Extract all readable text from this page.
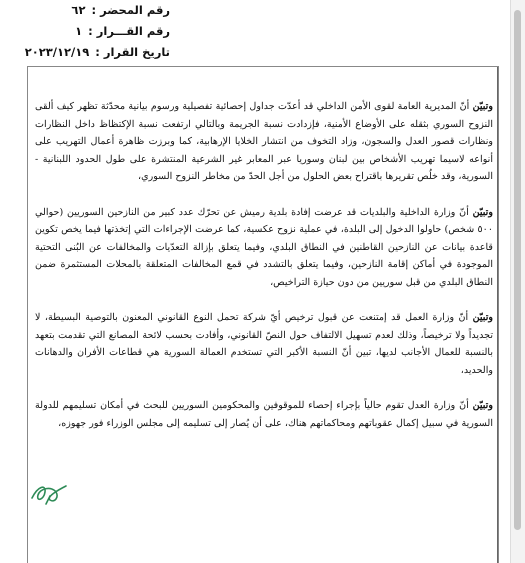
رقم المحضر :
٦٢
رقم القـــرار :
١
تاريخ القرار :
٢٠٢٣/١٢/١٩

وتبيّن أنّ المديرية العامة لقوى الأمن الداخلي قد أعدّت جداول إحصائية تفصيلية ورسوم بيانية محدّثة تظهر كيف ألقى النزوح السوري بثقله على الأوضاع الأمنية، فإزدادت نسبة الجريمة وبالتالي ارتفعت نسبة الإكتظاظ داخل النظارات ونظارات قصور العدل والسجون، وزاد التخوف من انتشار الخلايا الإرهابية، كما وبرزت ظاهرة أعمال التهريب على أنواعه لاسيما تهريب الأشخاص بين لبنان وسوريا عبر المعابر غير الشرعية المنتشرة على طول الحدود اللبنانية - السورية، وقد خلُص تقريرها باقتراح بعض الحلول من أجل الحدّ من مخاطر النزوح السوري،

وتبيّن أنّ وزارة الداخلية والبلديات قد عرضت إفادة بلدية رميش عن تحرّك عدد كبير من النازحين السوريين (حوالي ٥٠٠ شخص) حاولوا الدخول إلى البلدة، في عملية نزوح عكسية، كما عرضت الإجراءات التي إتخذتها فيما يخص تكوين قاعدة بيانات عن النازحين القاطنين في النطاق البلدي، وفيما يتعلق بإزالة التعدّيات والمخالفات عن البُنى التحتية الموجودة في أماكن إقامة النازحين، وفيما يتعلق بالتشدد في قمع المخالفات المتعلقة بالمحلات المستثمرة ضمن النطاق البلدي من قبل سوريين من دون حيازة التراخيص،

وتبيّن أنّ وزارة العمل قد إمتنعت عن قبول ترخيص أيّ شركة تحمل النوع القانوني المعنون بالتوصية البسيطة، لا تجديداً ولا ترخيصاً، وذلك لعدم تسهيل الالتفاف حول النصّ القانوني، وأفادت بحسب لائحة المصانع التي تقدمت بتعهد بالنسبة للعمال الأجانب لديها، تبين أنّ النسبة الأكبر التي تستخدم العمالة السورية هي قطاعات الأفران والدهانات والحديد،

وتبيّن أنّ وزارة العدل تقوم حالياً بإجراء إحصاء للموقوفين والمحكومين السوريين للبحث في أمكان تسليمهم للدولة السورية في سبيل إكمال عقوباتهم ومحاكماتهم هناك، على أن يُصار إلى تسليمه إلى مجلس الوزراء فور جهوزه،
